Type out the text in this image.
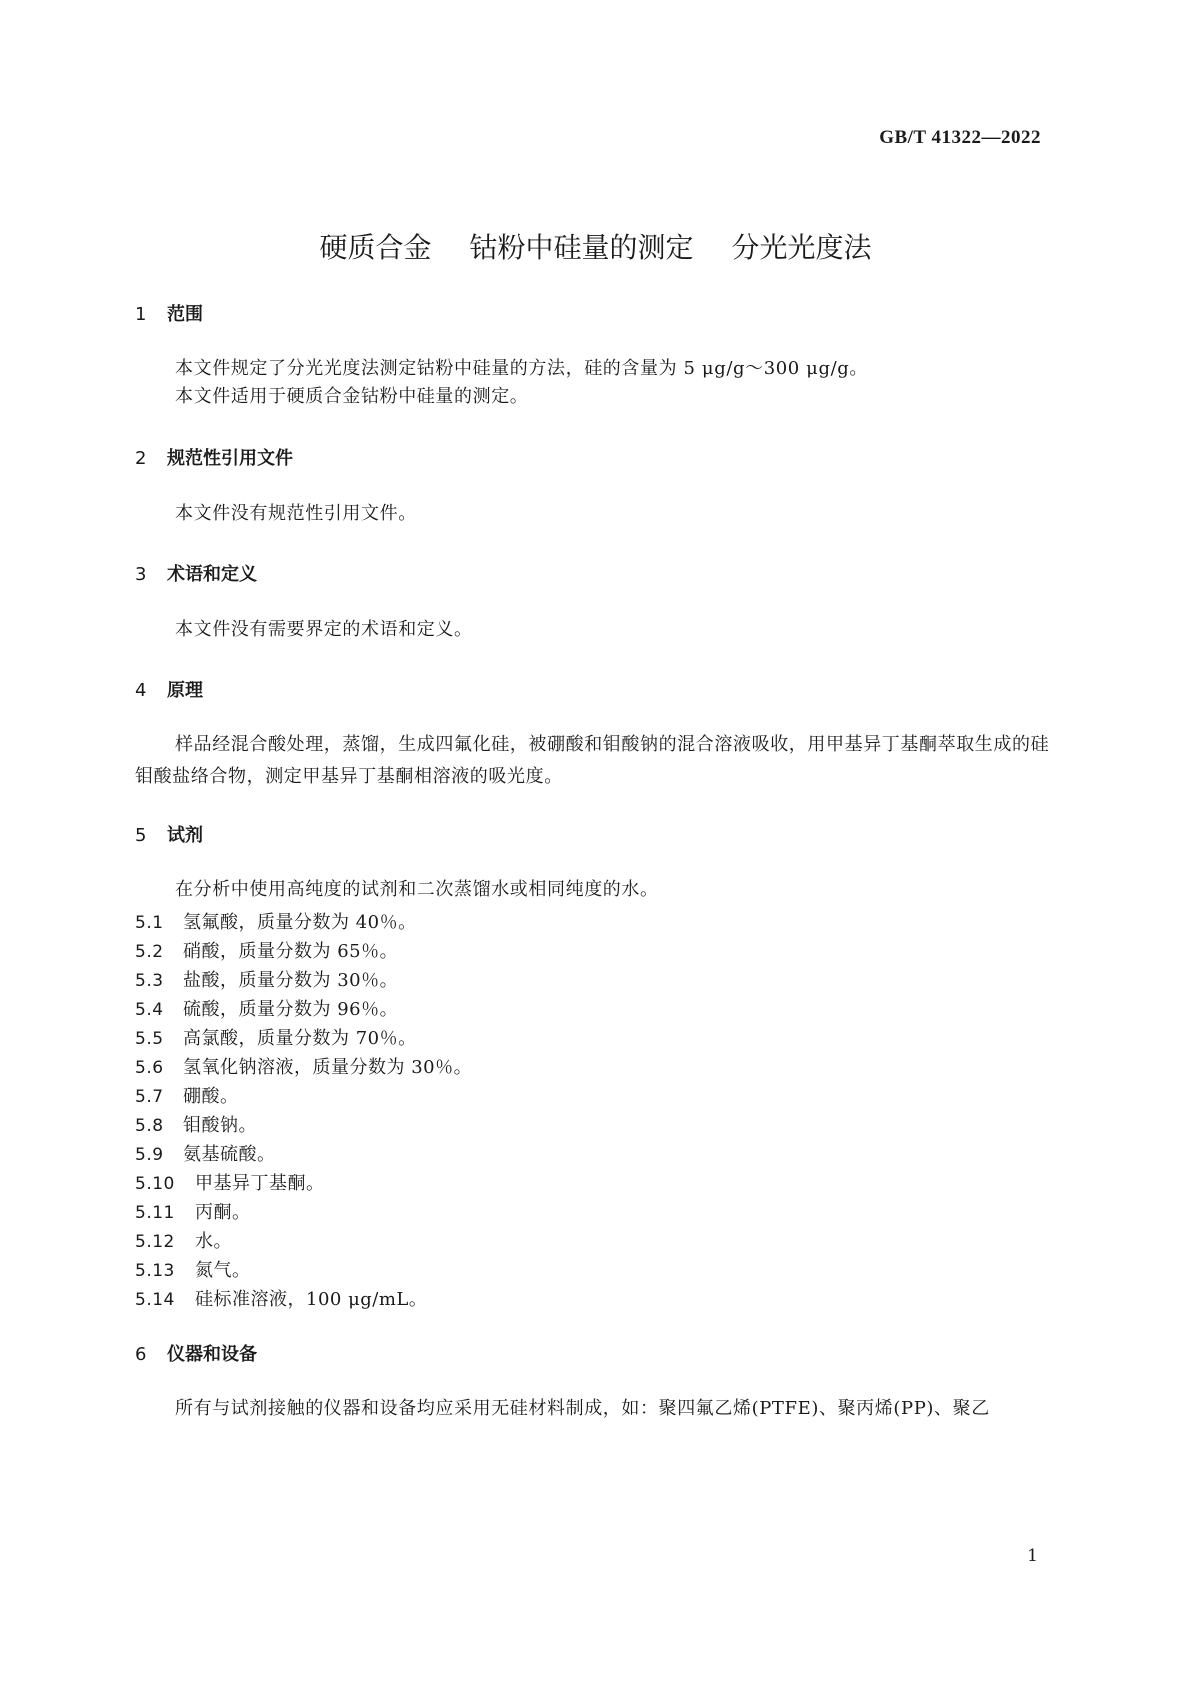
GB/T 41322—2022
硬质合金 钴粉中硅量的测定 分光光度法
1 范围
本文件规定了分光光度法测定钴粉中硅量的方法，硅的含量为 5 μg/g～300 μg/g。
本文件适用于硬质合金钴粉中硅量的测定。
2 规范性引用文件
本文件没有规范性引用文件。
3 术语和定义
本文件没有需要界定的术语和定义。
4 原理
样品经混合酸处理，蒸馏，生成四氟化硅，被硼酸和钼酸钠的混合溶液吸收，用甲基异丁基酮萃取生成的硅钼酸盐络合物，测定甲基异丁基酮相溶液的吸光度。
5 试剂
在分析中使用高纯度的试剂和二次蒸馏水或相同纯度的水。
5.1 氢氟酸，质量分数为 40％。
5.2 硝酸，质量分数为 65％。
5.3 盐酸，质量分数为 30％。
5.4 硫酸，质量分数为 96％。
5.5 高氯酸，质量分数为 70％。
5.6 氢氧化钠溶液，质量分数为 30％。
5.7 硼酸。
5.8 钼酸钠。
5.9 氨基硫酸。
5.10 甲基异丁基酮。
5.11 丙酮。
5.12 水。
5.13 氮气。
5.14 硅标准溶液，100 μg/mL。
6 仪器和设备
所有与试剂接触的仪器和设备均应采用无硅材料制成，如：聚四氟乙烯(PTFE)、聚丙烯(PP)、聚乙
1
